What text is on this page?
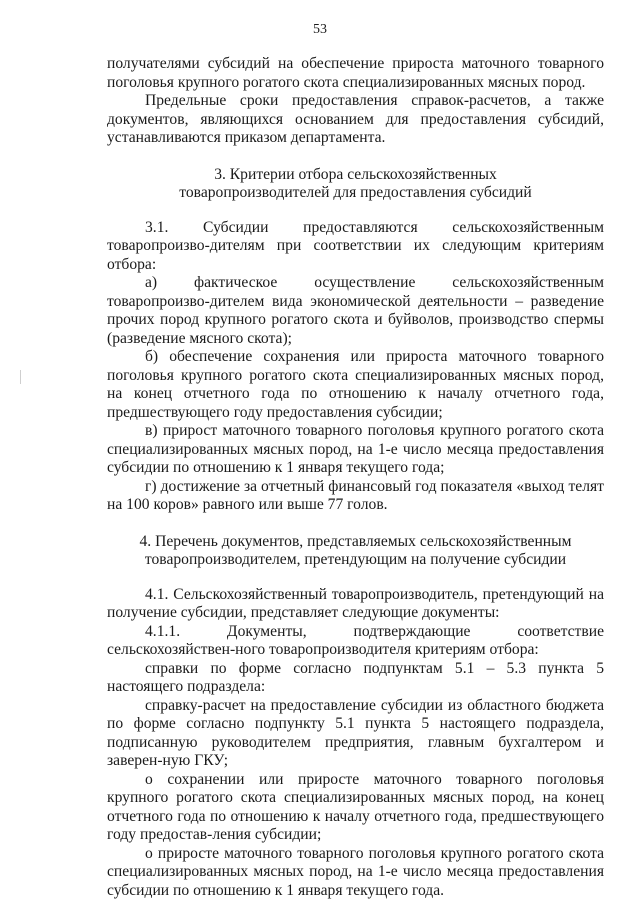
53

получателями субсидий на обеспечение прироста маточного товарного поголовья крупного рогатого скота специализированных мясных пород.

Предельные сроки предоставления справок-расчетов, а также документов, являющихся основанием для предоставления субсидий, устанавливаются приказом департамента.

3. Критерии отбора сельскохозяйственных
товаропроизводителей для предоставления субсидий

3.1. Субсидии предоставляются сельскохозяйственным товаропроизво-дителям при соответствии их следующим критериям отбора:

а) фактическое осуществление сельскохозяйственным товаропроизво-дителем вида экономической деятельности – разведение прочих пород крупного рогатого скота и буйволов, производство спермы (разведение мясного скота);

б) обеспечение сохранения или прироста маточного товарного поголовья крупного рогатого скота специализированных мясных пород, на конец отчетного года по отношению к началу отчетного года, предшествующего году предоставления субсидии;

в) прирост маточного товарного поголовья крупного рогатого скота специализированных мясных пород, на 1-е число месяца предоставления субсидии по отношению к 1 января текущего года;

г) достижение за отчетный финансовый год показателя «выход телят на 100 коров» равного или выше 77 голов.

4. Перечень документов, представляемых сельскохозяйственным
товаропроизводителем, претендующим на получение субсидии

4.1. Сельскохозяйственный товаропроизводитель, претендующий на получение субсидии, представляет следующие документы:

4.1.1. Документы, подтверждающие соответствие сельскохозяйствен-ного товаропроизводителя критериям отбора:

справки по форме согласно подпунктам 5.1 – 5.3 пункта 5 настоящего подраздела:

справку-расчет на предоставление субсидии из областного бюджета по форме согласно подпункту 5.1 пункта 5 настоящего подраздела, подписанную руководителем предприятия, главным бухгалтером и заверен-ную ГКУ;

о сохранении или приросте маточного товарного поголовья крупного рогатого скота специализированных мясных пород, на конец отчетного года по отношению к началу отчетного года, предшествующего году предостав-ления субсидии;

о приросте маточного товарного поголовья крупного рогатого скота специализированных мясных пород, на 1-е число месяца предоставления субсидии по отношению к 1 января текущего года.
